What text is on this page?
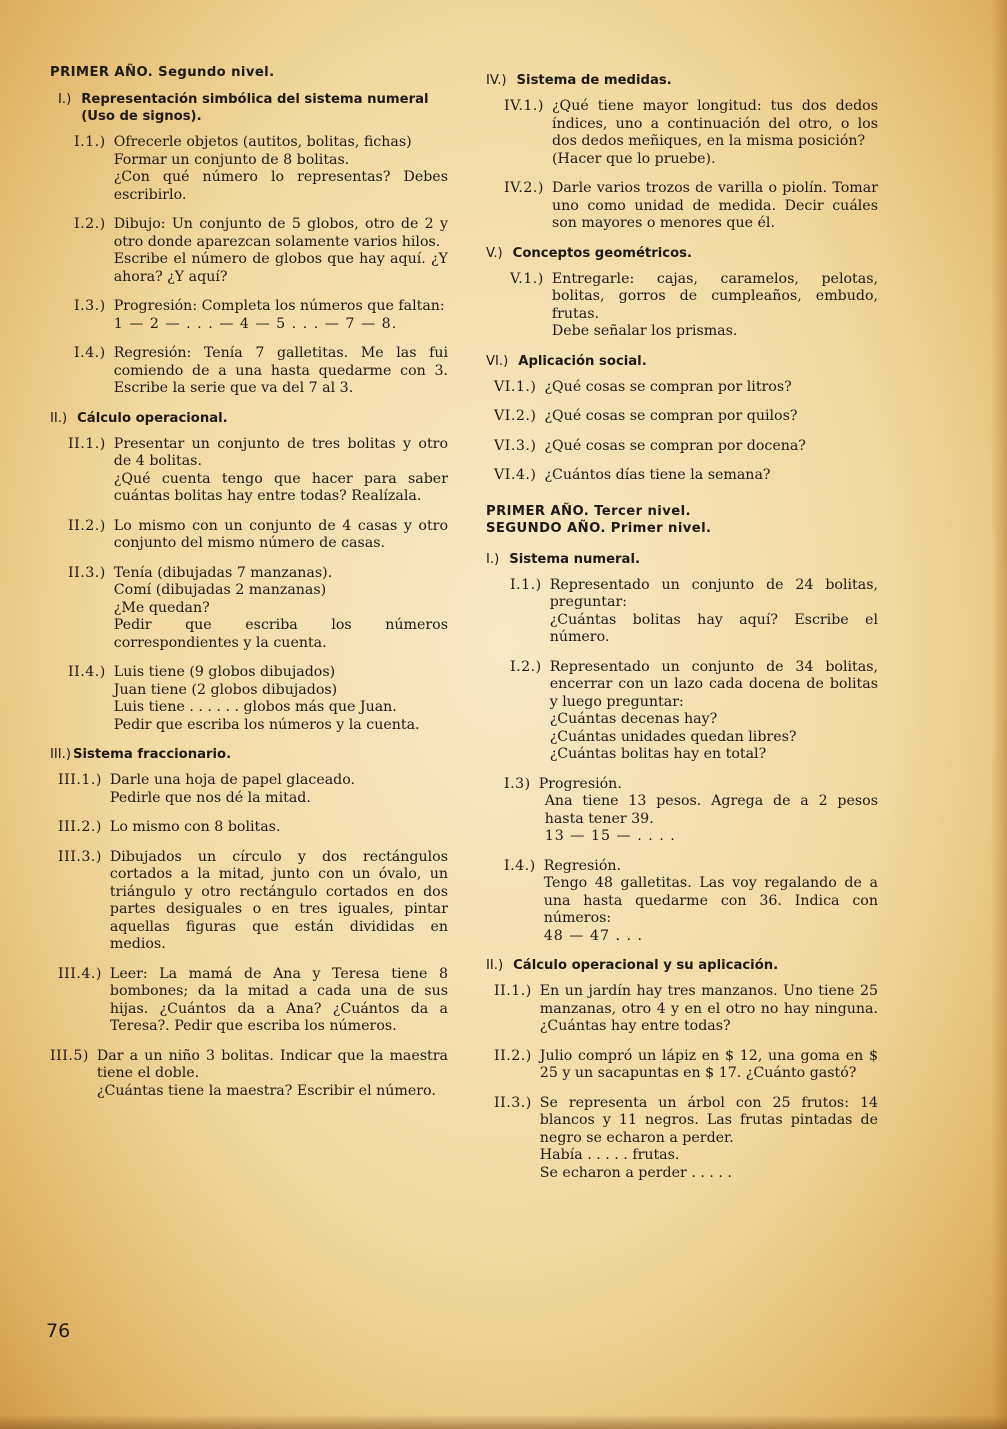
PRIMER AÑO. Segundo nivel.
I.) Representación simbólica del sistema numeral (Uso de signos).
I.1.) Ofrecerle objetos (autitos, bolitas, fichas)
Formar un conjunto de 8 bolitas.
¿Con qué número lo representas? Debes escribirlo.
I.2.) Dibujo: Un conjunto de 5 globos, otro de 2 y otro donde aparezcan solamente varios hilos.
Escribe el número de globos que hay aquí. ¿Y ahora? ¿Y aquí?
I.3.) Progresión: Completa los números que faltan:
1 — 2 — . . . — 4 — 5 . . . — 7 — 8.
I.4.) Regresión: Tenía 7 galletitas. Me las fui comiendo de a una hasta quedarme con 3. Escribe la serie que va del 7 al 3.
II.) Cálculo operacional.
II.1.) Presentar un conjunto de tres bolitas y otro de 4 bolitas.
¿Qué cuenta tengo que hacer para saber cuántas bolitas hay entre todas? Realízala.
II.2.) Lo mismo con un conjunto de 4 casas y otro conjunto del mismo número de casas.
II.3.) Tenía (dibujadas 7 manzanas).
Comí (dibujadas 2 manzanas)
¿Me quedan?
Pedir que escriba los números correspondientes y la cuenta.
II.4.) Luis tiene (9 globos dibujados)
Juan tiene (2 globos dibujados)
Luis tiene . . . . . . globos más que Juan.
Pedir que escriba los números y la cuenta.
III.) Sistema fraccionario.
III.1.) Darle una hoja de papel glaceado.
Pedirle que nos dé la mitad.
III.2.) Lo mismo con 8 bolitas.
III.3.) Dibujados un círculo y dos rectángulos cortados a la mitad, junto con un óvalo, un triángulo y otro rectángulo cortados en dos partes desiguales o en tres iguales, pintar aquellas figuras que están divididas en medios.
III.4.) Leer: La mamá de Ana y Teresa tiene 8 bombones; da la mitad a cada una de sus hijas. ¿Cuántos da a Ana? ¿Cuántos da a Teresa?. Pedir que escriba los números.
III.5) Dar a un niño 3 bolitas. Indicar que la maestra tiene el doble.
¿Cuántas tiene la maestra? Escribir el número.
IV.) Sistema de medidas.
IV.1.) ¿Qué tiene mayor longitud: tus dos dedos índices, uno a continuación del otro, o los dos dedos meñiques, en la misma posición?
(Hacer que lo pruebe).
IV.2.) Darle varios trozos de varilla o piolín. Tomar uno como unidad de medida. Decir cuáles son mayores o menores que él.
V.) Conceptos geométricos.
V.1.) Entregarle: cajas, caramelos, pelotas, bolitas, gorros de cumpleaños, embudo, frutas.
Debe señalar los prismas.
VI.) Aplicación social.
VI.1.) ¿Qué cosas se compran por litros?
VI.2.) ¿Qué cosas se compran por quilos?
VI.3.) ¿Qué cosas se compran por docena?
VI.4.) ¿Cuántos días tiene la semana?
PRIMER AÑO. Tercer nivel.
SEGUNDO AÑO. Primer nivel.
I.) Sistema numeral.
I.1.) Representado un conjunto de 24 bolitas, preguntar:
¿Cuántas bolitas hay aquí? Escribe el número.
I.2.) Representado un conjunto de 34 bolitas, encerrar con un lazo cada docena de bolitas y luego preguntar:
¿Cuántas decenas hay?
¿Cuántas unidades quedan libres?
¿Cuántas bolitas hay en total?
I.3) Progresión.
Ana tiene 13 pesos. Agrega de a 2 pesos hasta tener 39.
13 — 15 — . . . .
I.4.) Regresión.
Tengo 48 galletitas. Las voy regalando de a una hasta quedarme con 36. Indica con números:
48 — 47 . . .
II.) Cálculo operacional y su aplicación.
II.1.) En un jardín hay tres manzanos. Uno tiene 25 manzanas, otro 4 y en el otro no hay ninguna. ¿Cuántas hay entre todas?
II.2.) Julio compró un lápiz en $ 12, una goma en $ 25 y un sacapuntas en $ 17. ¿Cuánto gastó?
II.3.) Se representa un árbol con 25 frutos: 14 blancos y 11 negros. Las frutas pintadas de negro se echaron a perder.
Había . . . . . frutas.
Se echaron a perder . . . . .
76
